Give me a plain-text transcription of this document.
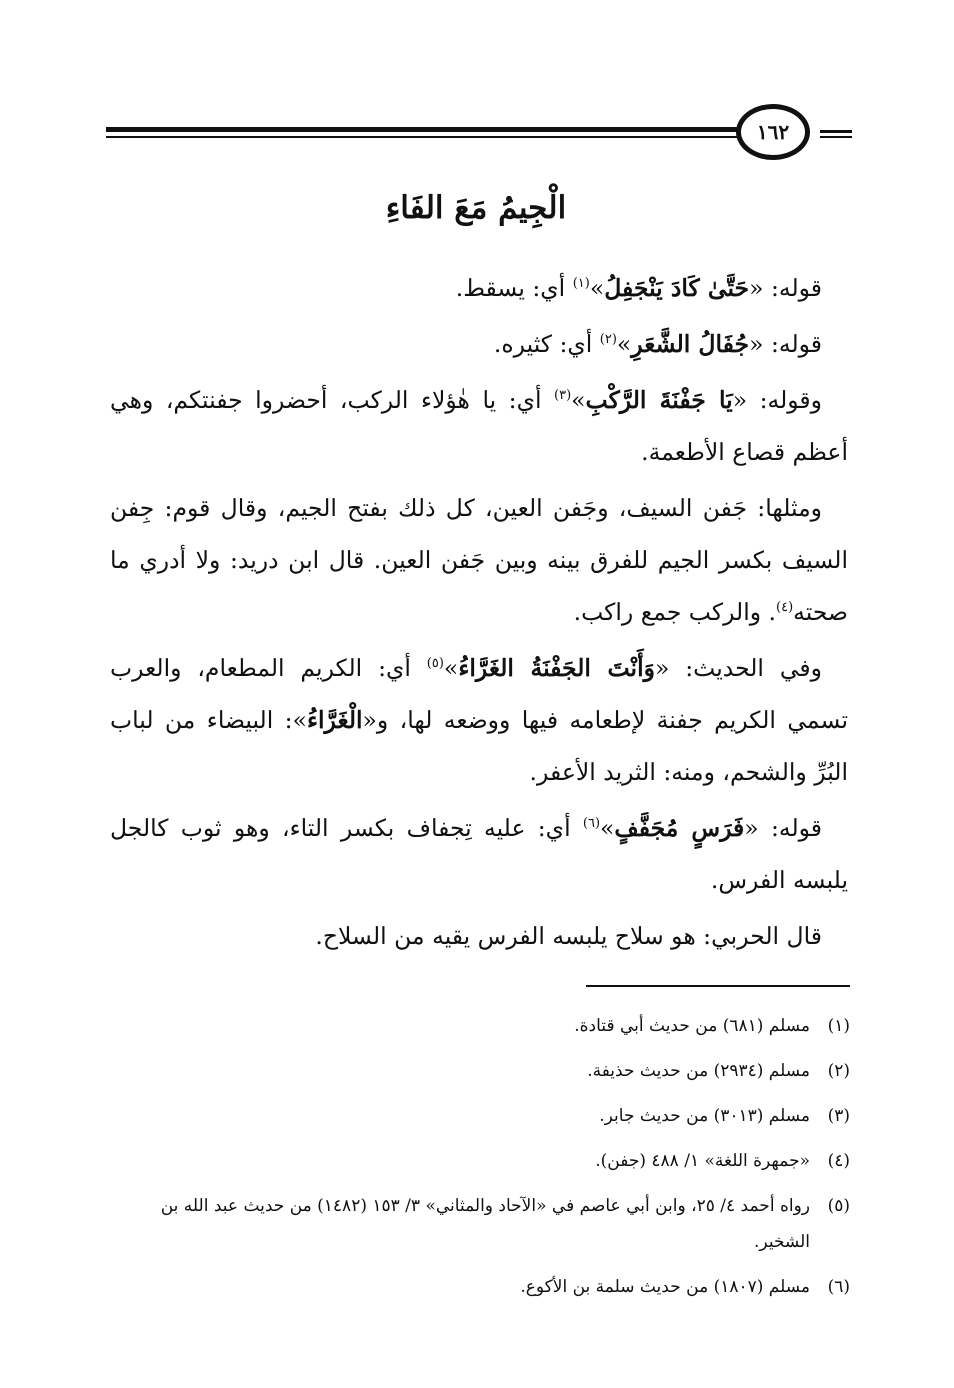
١٦٢
الْجِيمُ مَعَ الفَاءِ

قوله: «حَتَّىٰ كَادَ يَنْجَفِلُ»$^{(١)}$ أي: يسقط.

قوله: «جُفَالُ الشَّعَرِ»$^{(٢)}$ أي: كثيره.

وقوله: «يَا جَفْنَةَ الرَّكْبِ»$^{(٣)}$ أي: يا هٰؤلاء الركب، أحضروا جفنتكم، وهي أعظم قصاع الأطعمة.

ومثلها: جَفن السيف، وجَفن العين، كل ذلك بفتح الجيم، وقال قوم: جِفن السيف بكسر الجيم للفرق بينه وبين جَفن العين. قال ابن دريد: ولا أدري ما صحته$^{(٤)}$. والركب جمع راكب.

وفي الحديث: «وَأَنْتَ الجَفْنَةُ الغَرَّاءُ»$^{(٥)}$ أي: الكريم المطعام، والعرب تسمي الكريم جفنة لإطعامه فيها ووضعه لها، و«الْغَرَّاءُ»: البيضاء من لباب البُرِّ والشحم، ومنه: الثريد الأعفر.

قوله: «فَرَسٍ مُجَفَّفٍ»$^{(٦)}$ أي: عليه تِجفاف بكسر التاء، وهو ثوب كالجل يلبسه الفرس.

قال الحربي: هو سلاح يلبسه الفرس يقيه من السلاح.

(١)
مسلم (٦٨١) من حديث أبي قتادة.
(٢)
مسلم (٢٩٣٤) من حديث حذيفة.
(٣)
مسلم (٣٠١٣) من حديث جابر.
(٤)
«جمهرة اللغة» ١/ ٤٨٨ (جفن).
(٥)
رواه أحمد ٤/ ٢٥، وابن أبي عاصم في «الآحاد والمثاني» ٣/ ١٥٣ (١٤٨٢) من حديث عبد الله بن الشخير.
(٦)
مسلم (١٨٠٧) من حديث سلمة بن الأكوع.
